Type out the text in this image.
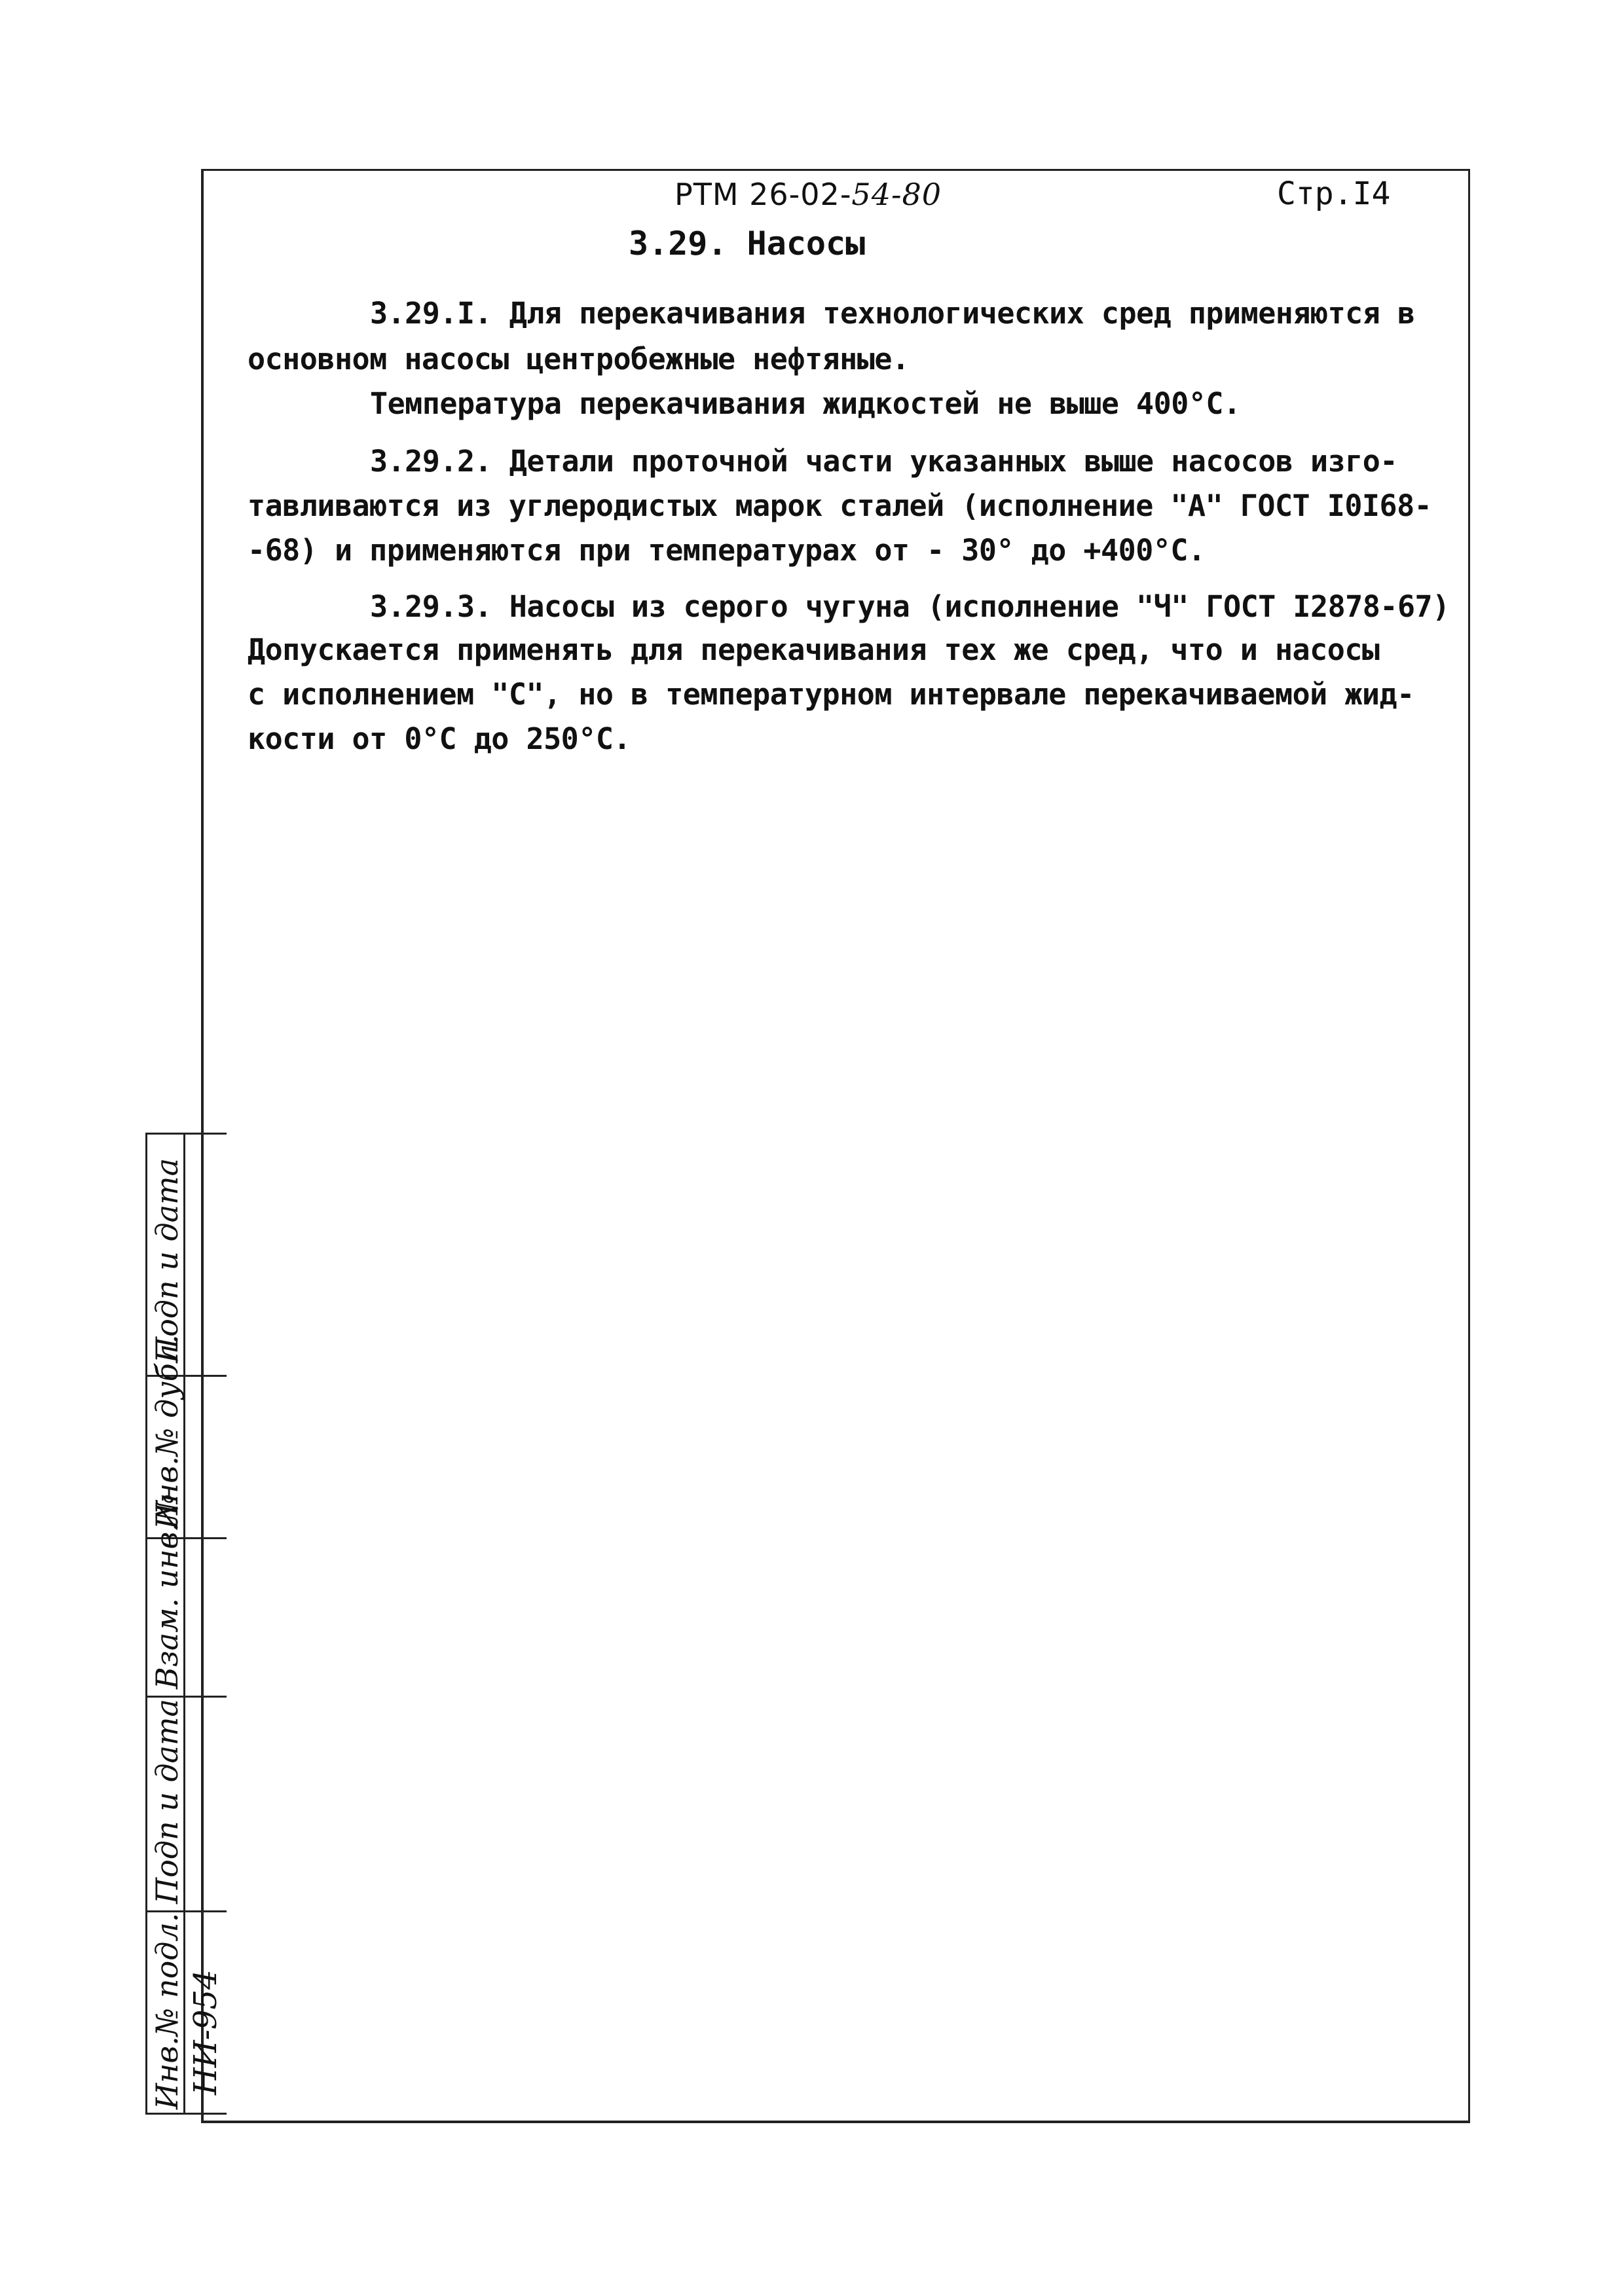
РТМ 26-02-54-80	Стр.I4
3.29. Насосы
3.29.I. Для перекачивания технологических сред применяются в
основном насосы центробежные нефтяные.
Температура перекачивания жидкостей не выше 400°С.
3.29.2. Детали проточной части указанных выше насосов изго-
тавливаются из углеродистых марок сталей (исполнение "А" ГОСТ I0I68-
-68) и применяются при температурах от - 30° до +400°С.
3.29.3. Насосы из серого чугуна (исполнение "Ч" ГОСТ I2878-67)
Допускается применять для перекачивания тех же сред, что и насосы
с исполнением "С", но в температурном интервале перекачиваемой жид-
кости от 0°С до 250°С.
Подп и дата
Инв.№ дубл.
Взам. инв.№
Подп и дата
Инв.№ подл. НИ-954
